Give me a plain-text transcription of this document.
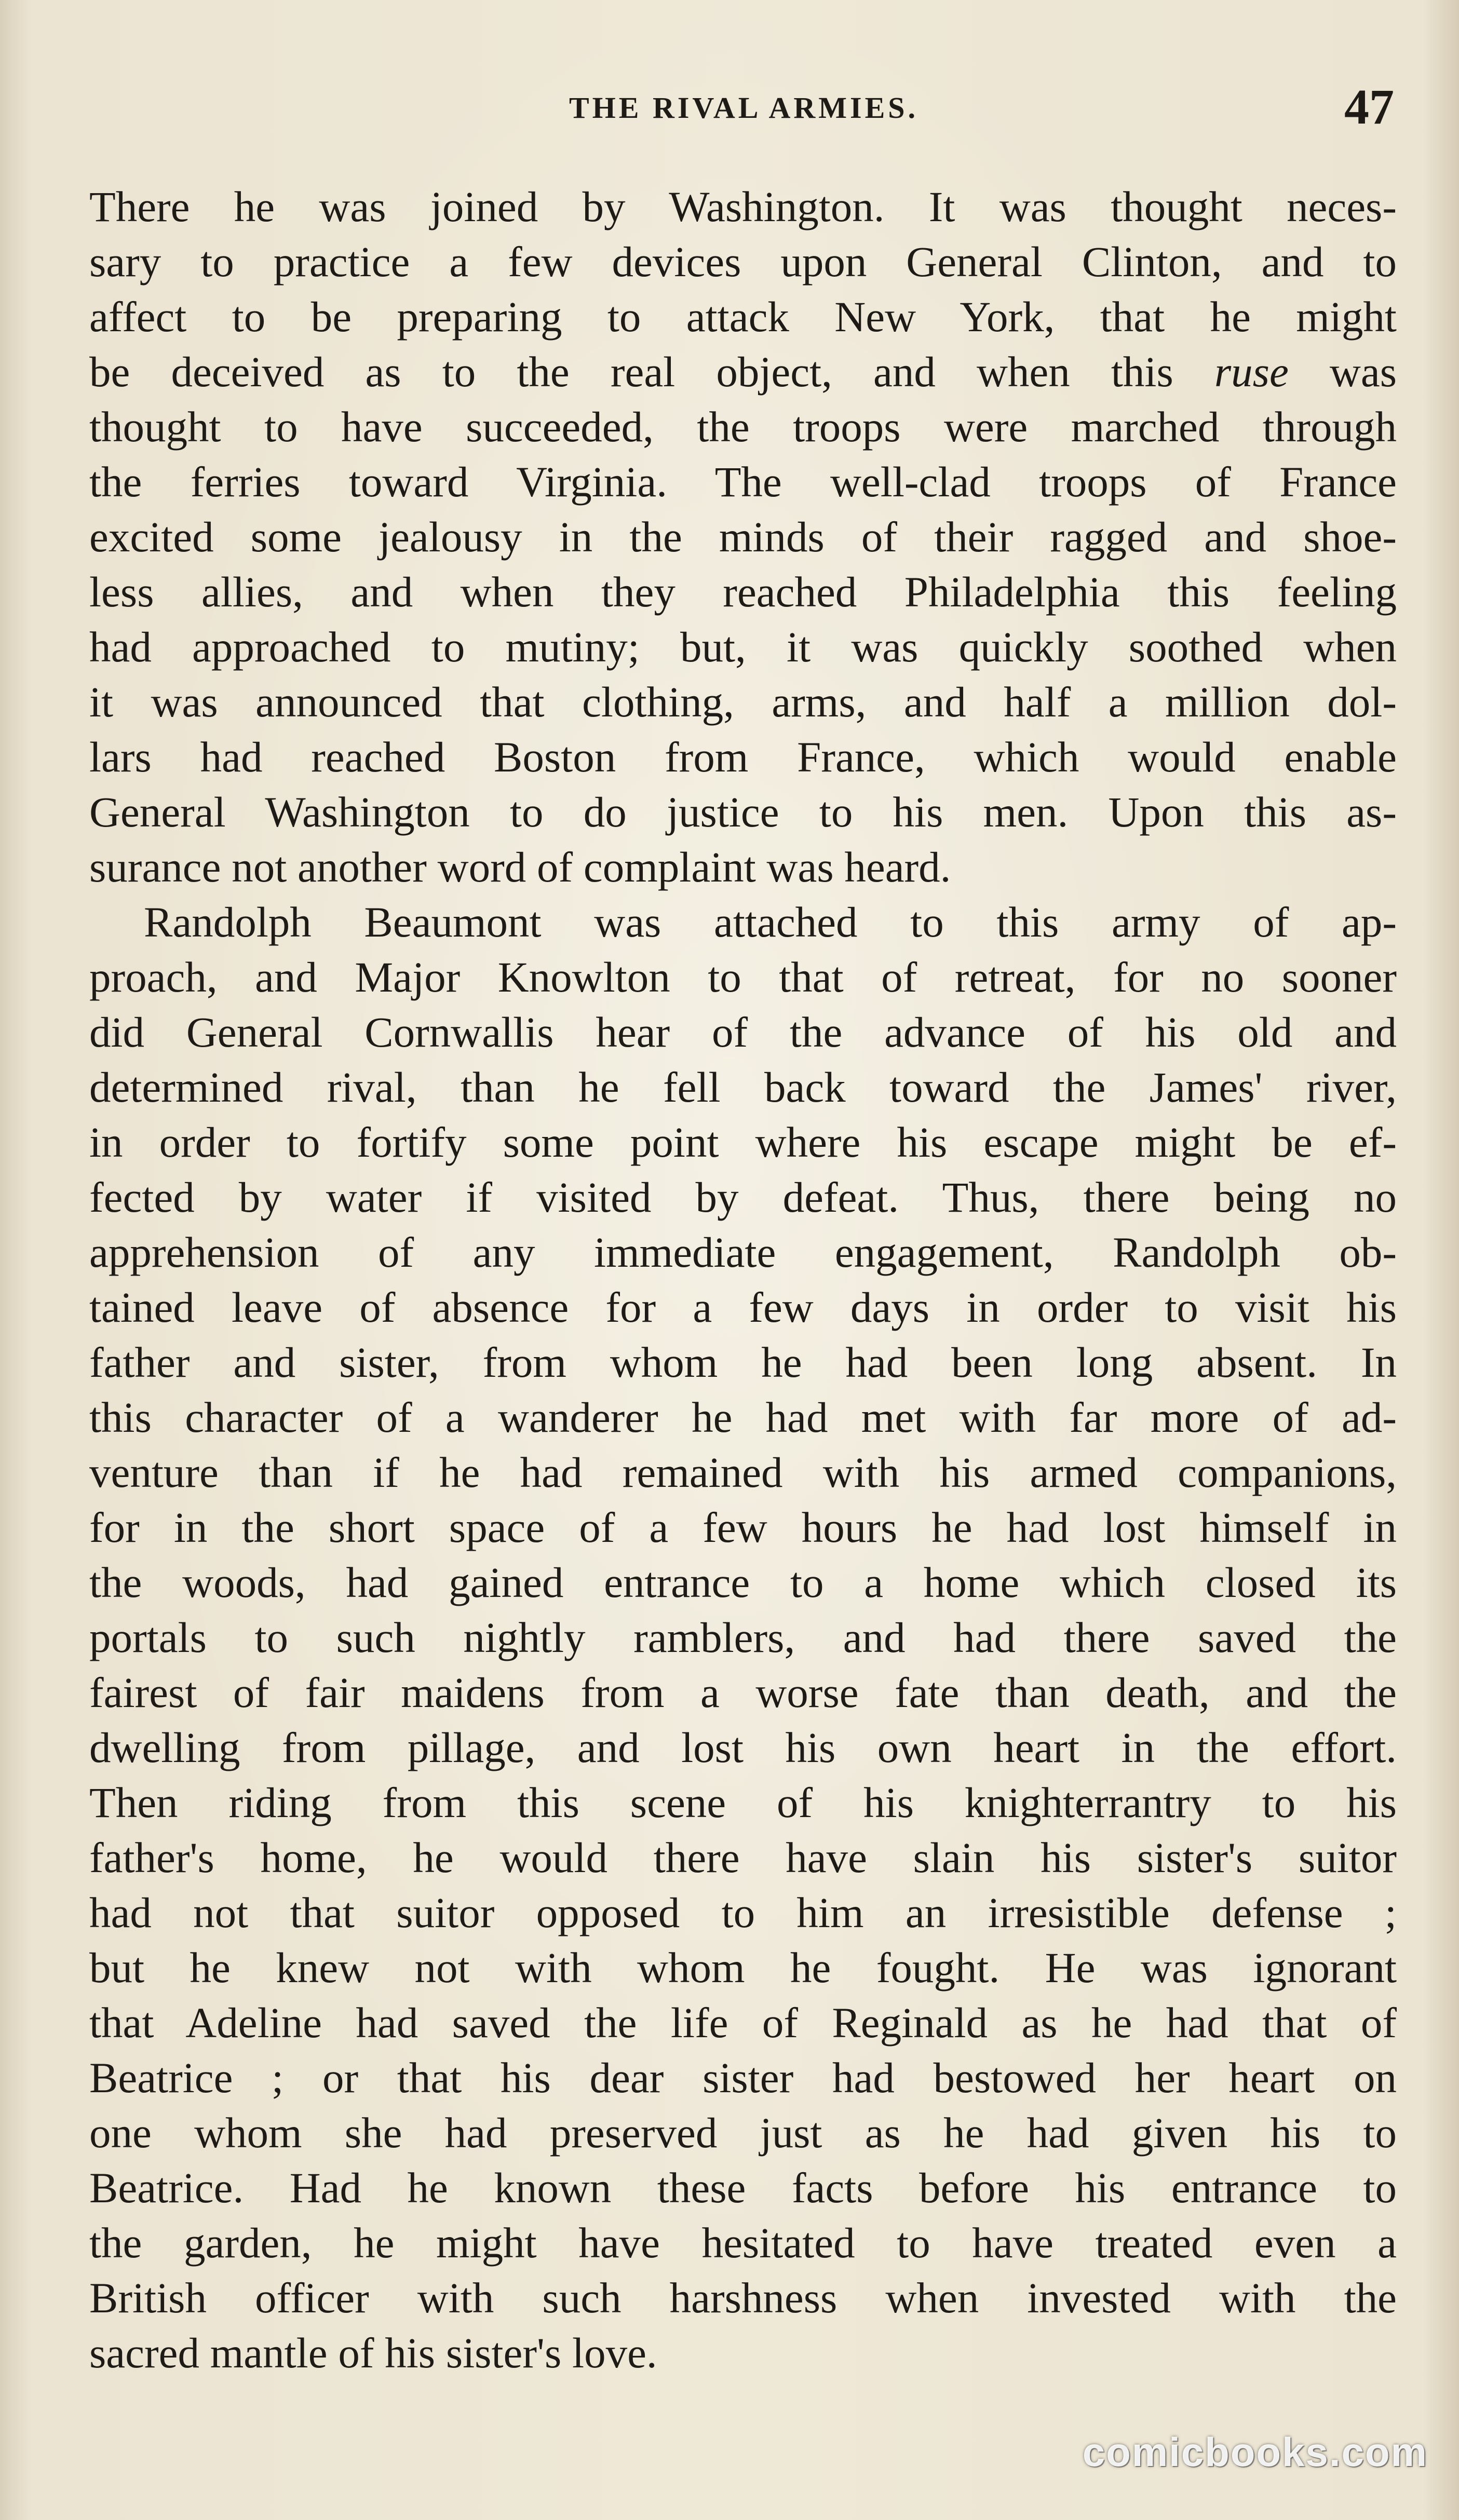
THE RIVAL ARMIES.	47
There he was joined by Washington. It was thought neces-
sary to practice a few devices upon General Clinton, and to
affect to be preparing to attack New York, that he might
be deceived as to the real object, and when this ruse was
thought to have succeeded, the troops were marched through
the ferries toward Virginia. The well-clad troops of France
excited some jealousy in the minds of their ragged and shoe-
less allies, and when they reached Philadelphia this feeling
had approached to mutiny; but, it was quickly soothed when
it was announced that clothing, arms, and half a million dol-
lars had reached Boston from France, which would enable
General Washington to do justice to his men. Upon this as-
surance not another word of complaint was heard.
Randolph Beaumont was attached to this army of ap-
proach, and Major Knowlton to that of retreat, for no sooner
did General Cornwallis hear of the advance of his old and
determined rival, than he fell back toward the James' river,
in order to fortify some point where his escape might be ef-
fected by water if visited by defeat. Thus, there being no
apprehension of any immediate engagement, Randolph ob-
tained leave of absence for a few days in order to visit his
father and sister, from whom he had been long absent. In
this character of a wanderer he had met with far more of ad-
venture than if he had remained with his armed companions,
for in the short space of a few hours he had lost himself in
the woods, had gained entrance to a home which closed its
portals to such nightly ramblers, and had there saved the
fairest of fair maidens from a worse fate than death, and the
dwelling from pillage, and lost his own heart in the effort.
Then riding from this scene of his knighterrantry to his
father's home, he would there have slain his sister's suitor
had not that suitor opposed to him an irresistible defense ;
but he knew not with whom he fought. He was ignorant
that Adeline had saved the life of Reginald as he had that of
Beatrice ; or that his dear sister had bestowed her heart on
one whom she had preserved just as he had given his to
Beatrice. Had he known these facts before his entrance to
the garden, he might have hesitated to have treated even a
British officer with such harshness when invested with the
sacred mantle of his sister's love.
comicbooks.com
